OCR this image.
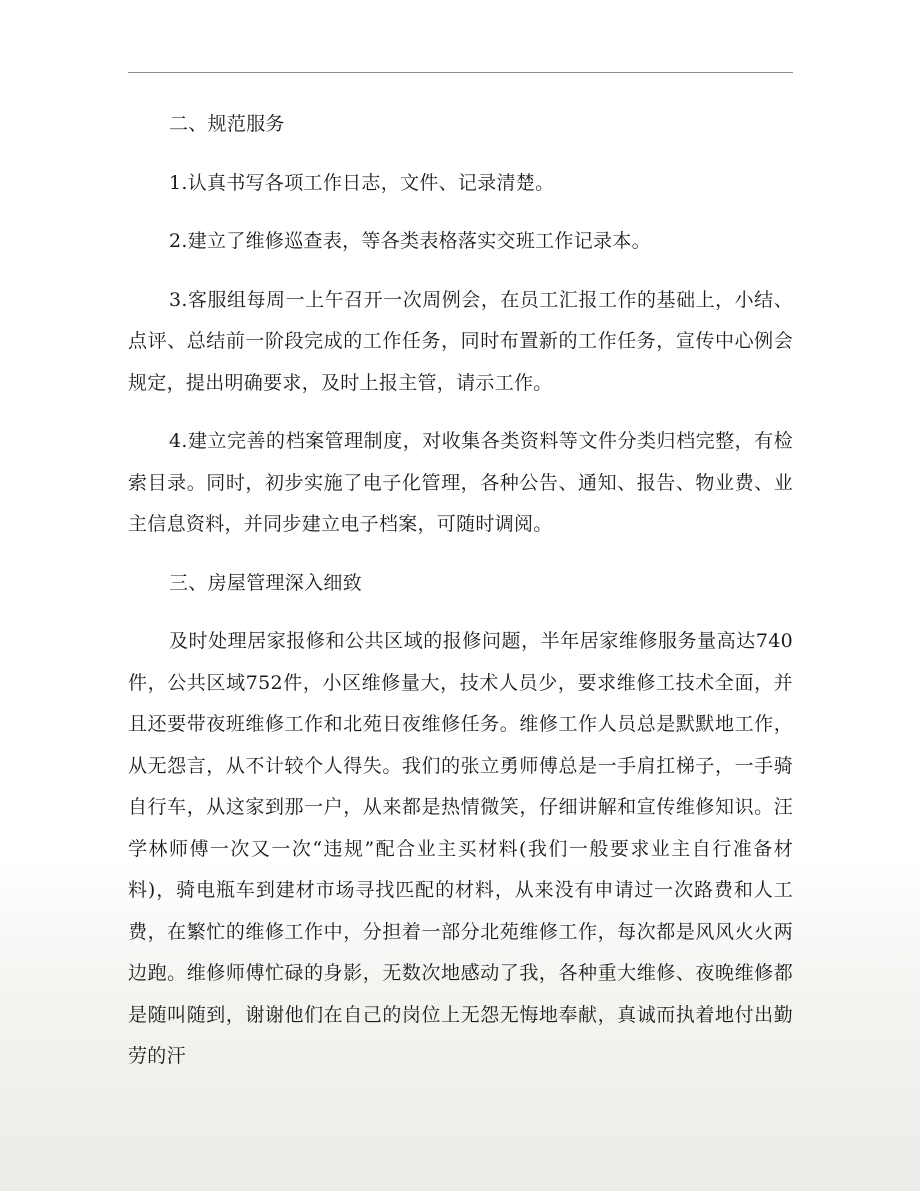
二、规范服务

1.认真书写各项工作日志，文件、记录清楚。

2.建立了维修巡查表，等各类表格落实交班工作记录本。

3.客服组每周一上午召开一次周例会，在员工汇报工作的基础上，小结、点评、总结前一阶段完成的工作任务，同时布置新的工作任务，宣传中心例会规定，提出明确要求，及时上报主管，请示工作。

4.建立完善的档案管理制度，对收集各类资料等文件分类归档完整，有检索目录。同时，初步实施了电子化管理，各种公告、通知、报告、物业费、业主信息资料，并同步建立电子档案，可随时调阅。

三、房屋管理深入细致

及时处理居家报修和公共区域的报修问题，半年居家维修服务量高达740件，公共区域752件，小区维修量大，技术人员少，要求维修工技术全面，并且还要带夜班维修工作和北苑日夜维修任务。维修工作人员总是默默地工作，从无怨言，从不计较个人得失。我们的张立勇师傅总是一手肩扛梯子，一手骑自行车，从这家到那一户，从来都是热情微笑，仔细讲解和宣传维修知识。汪学林师傅一次又一次“违规”配合业主买材料(我们一般要求业主自行准备材料)，骑电瓶车到建材市场寻找匹配的材料，从来没有申请过一次路费和人工费，在繁忙的维修工作中，分担着一部分北苑维修工作，每次都是风风火火两边跑。维修师傅忙碌的身影，无数次地感动了我，各种重大维修、夜晚维修都是随叫随到，谢谢他们在自己的岗位上无怨无悔地奉献，真诚而执着地付出勤劳的汗
